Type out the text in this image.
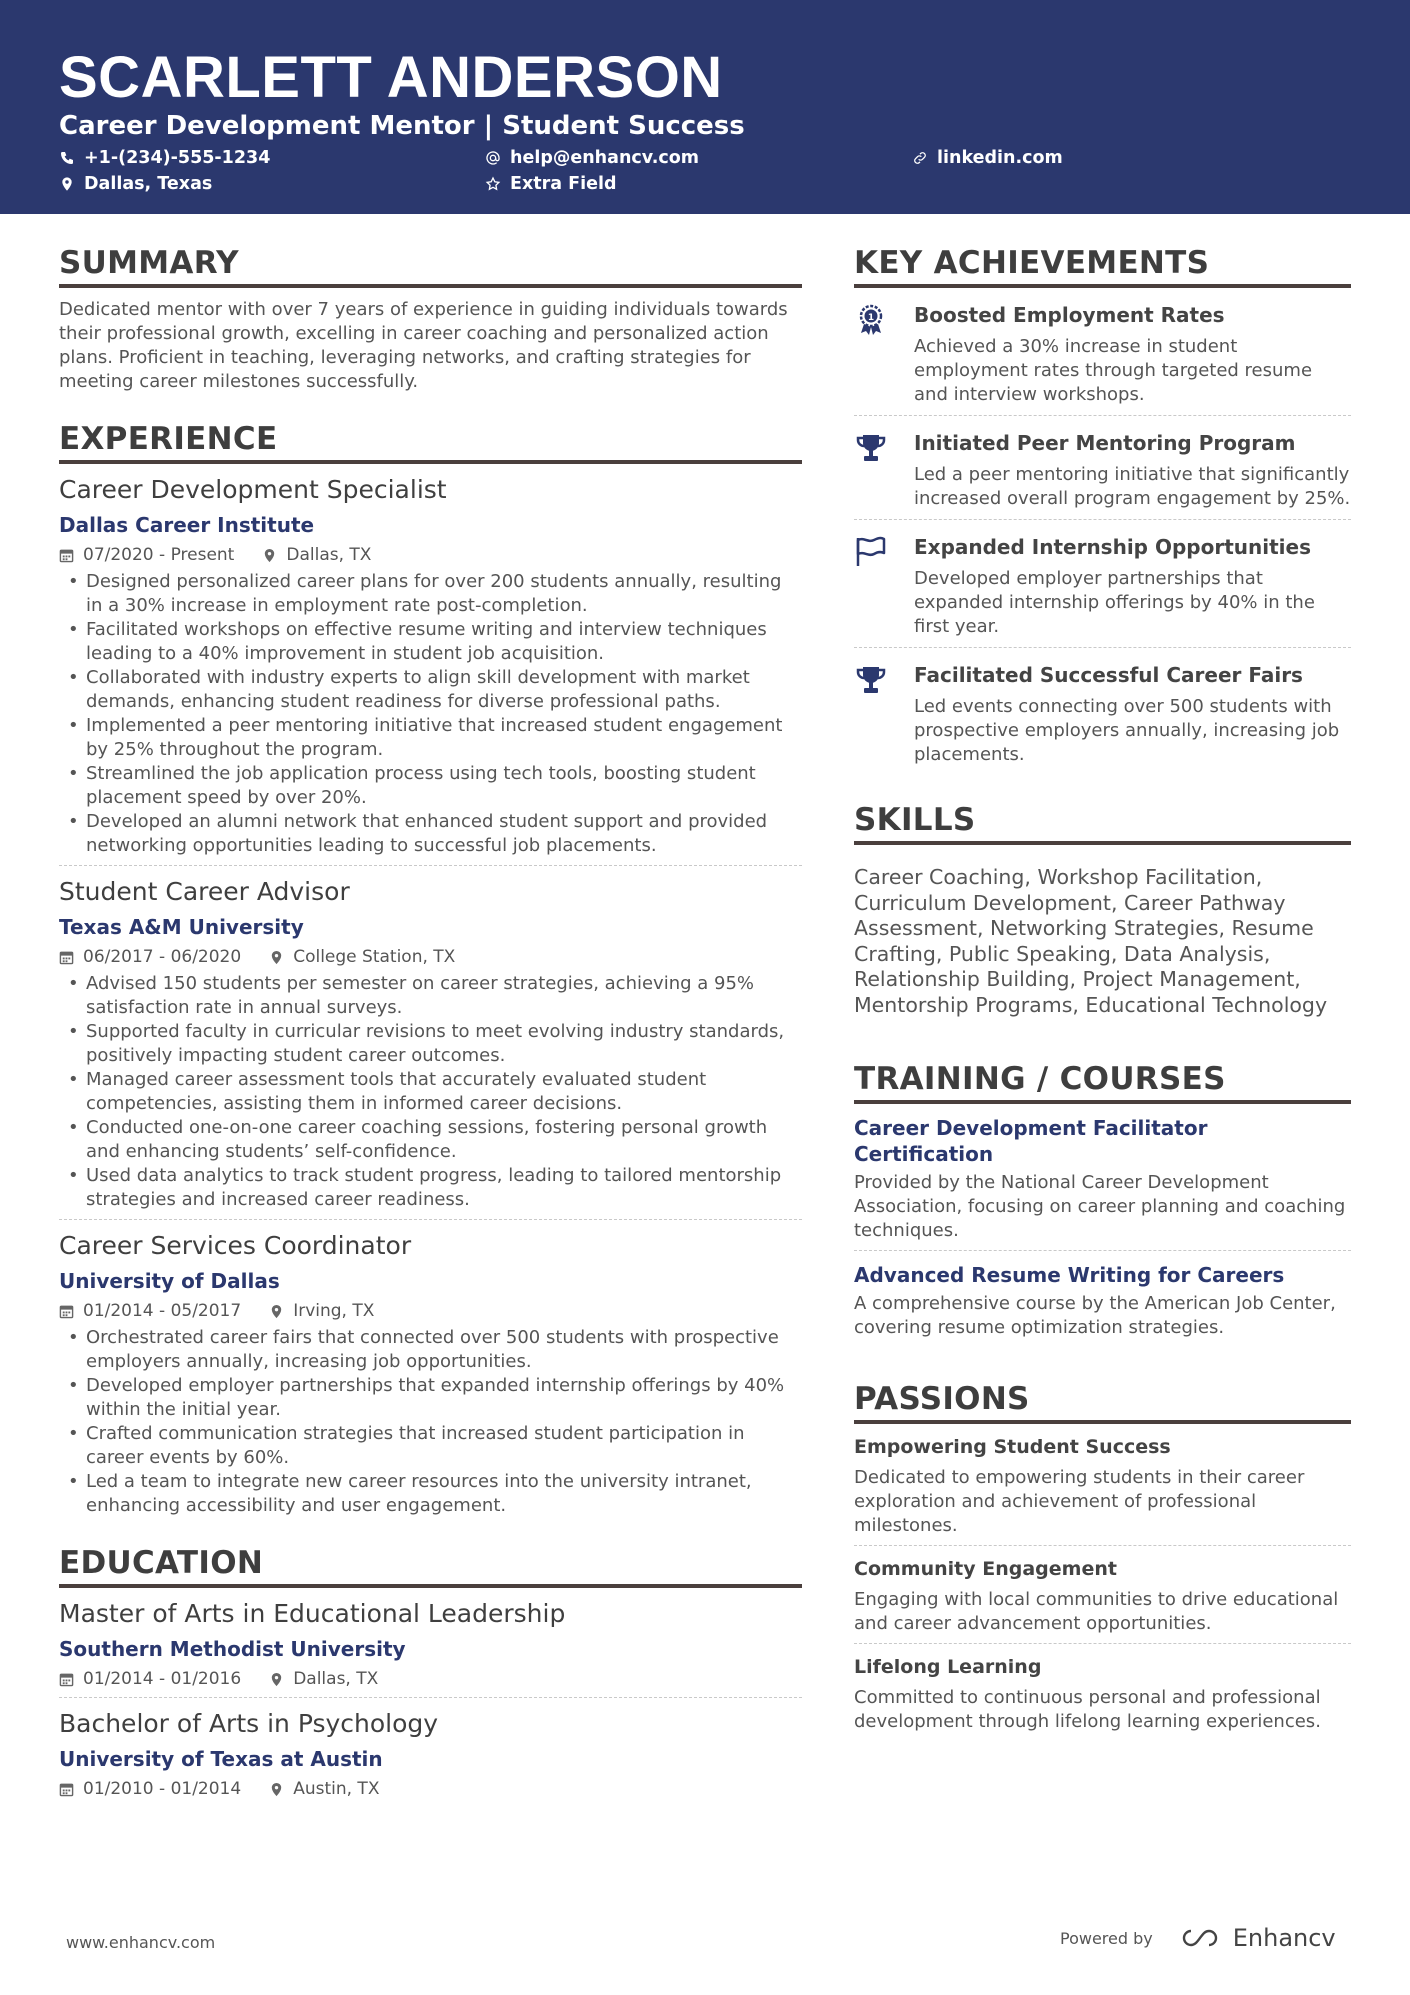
SCARLETT ANDERSON
Career Development Mentor | Student Success
+1-(234)-555-1234	help@enhancv.com	linkedin.com
Dallas, Texas	Extra Field
SUMMARY
Dedicated mentor with over 7 years of experience in guiding individuals towards their professional growth, excelling in career coaching and personalized action plans. Proficient in teaching, leveraging networks, and crafting strategies for meeting career milestones successfully.
EXPERIENCE
Career Development Specialist
Dallas Career Institute
07/2020 - Present	Dallas, TX
• Designed personalized career plans for over 200 students annually, resulting in a 30% increase in employment rate post-completion.
• Facilitated workshops on effective resume writing and interview techniques leading to a 40% improvement in student job acquisition.
• Collaborated with industry experts to align skill development with market demands, enhancing student readiness for diverse professional paths.
• Implemented a peer mentoring initiative that increased student engagement by 25% throughout the program.
• Streamlined the job application process using tech tools, boosting student placement speed by over 20%.
• Developed an alumni network that enhanced student support and provided networking opportunities leading to successful job placements.
Student Career Advisor
Texas A&M University
06/2017 - 06/2020	College Station, TX
• Advised 150 students per semester on career strategies, achieving a 95% satisfaction rate in annual surveys.
• Supported faculty in curricular revisions to meet evolving industry standards, positively impacting student career outcomes.
• Managed career assessment tools that accurately evaluated student competencies, assisting them in informed career decisions.
• Conducted one-on-one career coaching sessions, fostering personal growth and enhancing students’ self-confidence.
• Used data analytics to track student progress, leading to tailored mentorship strategies and increased career readiness.
Career Services Coordinator
University of Dallas
01/2014 - 05/2017	Irving, TX
• Orchestrated career fairs that connected over 500 students with prospective employers annually, increasing job opportunities.
• Developed employer partnerships that expanded internship offerings by 40% within the initial year.
• Crafted communication strategies that increased student participation in career events by 60%.
• Led a team to integrate new career resources into the university intranet, enhancing accessibility and user engagement.
EDUCATION
Master of Arts in Educational Leadership
Southern Methodist University
01/2014 - 01/2016	Dallas, TX
Bachelor of Arts in Psychology
University of Texas at Austin
01/2010 - 01/2014	Austin, TX
KEY ACHIEVEMENTS
1 Boosted Employment Rates
Achieved a 30% increase in student employment rates through targeted resume and interview workshops.
Initiated Peer Mentoring Program
Led a peer mentoring initiative that significantly increased overall program engagement by 25%.
Expanded Internship Opportunities
Developed employer partnerships that expanded internship offerings by 40% in the first year.
Facilitated Successful Career Fairs
Led events connecting over 500 students with prospective employers annually, increasing job placements.
SKILLS
Career Coaching, Workshop Facilitation, Curriculum Development, Career Pathway Assessment, Networking Strategies, Resume Crafting, Public Speaking, Data Analysis, Relationship Building, Project Management, Mentorship Programs, Educational Technology
TRAINING / COURSES
Career Development Facilitator Certification
Provided by the National Career Development Association, focusing on career planning and coaching techniques.
Advanced Resume Writing for Careers
A comprehensive course by the American Job Center, covering resume optimization strategies.
PASSIONS
Empowering Student Success
Dedicated to empowering students in their career exploration and achievement of professional milestones.
Community Engagement
Engaging with local communities to drive educational and career advancement opportunities.
Lifelong Learning
Committed to continuous personal and professional development through lifelong learning experiences.
www.enhancv.com	Powered by	Enhancv
